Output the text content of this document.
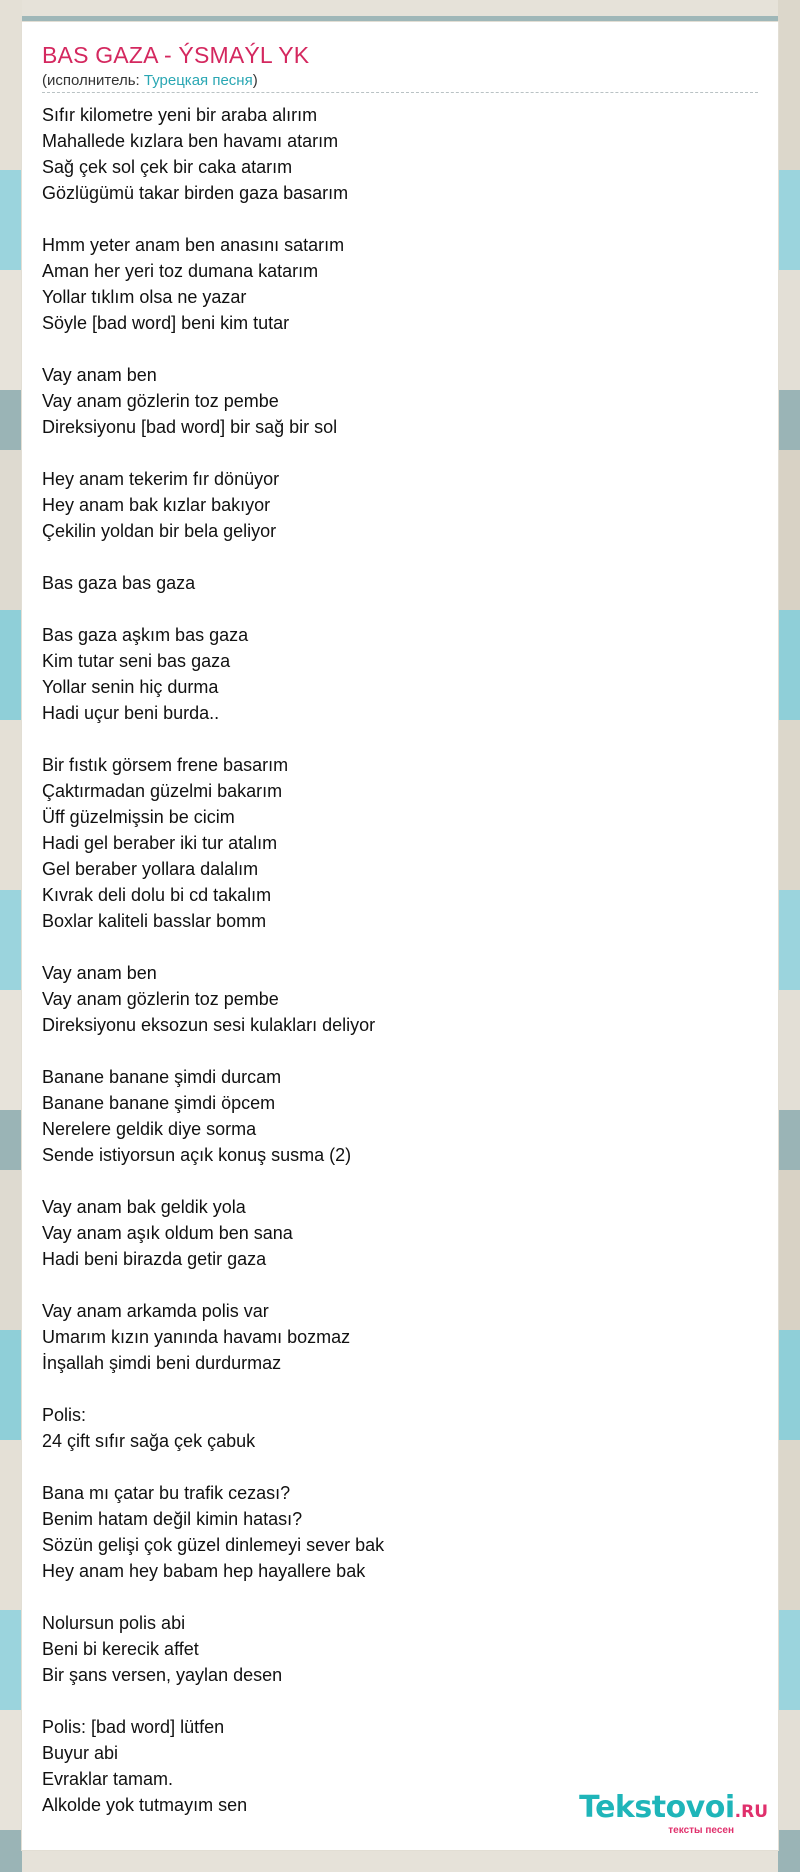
BAS GAZA - ÝSMAÝL YK
(исполнитель: Турецкая песня)
Sıfır kilometre yeni bir araba alırım
Mahallede kızlara ben havamı atarım
Sağ çek sol çek bir caka atarım
Gözlügümü takar birden gaza basarım
Hmm yeter anam ben anasını satarım
Aman her yeri toz dumana katarım
Yollar tıklım olsa ne yazar
Söyle [bad word] beni kim tutar
Vay anam ben
Vay anam gözlerin toz pembe
Direksiyonu [bad word] bir sağ bir sol
Hey anam tekerim fır dönüyor
Hey anam bak kızlar bakıyor
Çekilin yoldan bir bela geliyor
Bas gaza bas gaza
Bas gaza aşkım bas gaza
Kim tutar seni bas gaza
Yollar senin hiç durma
Hadi uçur beni burda..
Bir fıstık görsem frene basarım
Çaktırmadan güzelmi bakarım
Üff güzelmişsin be cicim
Hadi gel beraber iki tur atalım
Gel beraber yollara dalalım
Kıvrak deli dolu bi cd takalım
Boxlar kaliteli basslar bomm
Vay anam ben
Vay anam gözlerin toz pembe
Direksiyonu eksozun sesi kulakları deliyor
Banane banane şimdi durcam
Banane banane şimdi öpcem
Nerelere geldik diye sorma
Sende istiyorsun açık konuş susma (2)
Vay anam bak geldik yola
Vay anam aşık oldum ben sana
Hadi beni birazda getir gaza
Vay anam arkamda polis var
Umarım kızın yanında havamı bozmaz
İnşallah şimdi beni durdurmaz
Polis:
24 çift sıfır sağa çek çabuk
Bana mı çatar bu trafik cezası?
Benim hatam değil kimin hatası?
Sözün gelişi çok güzel dinlemeyi sever bak
Hey anam hey babam hep hayallere bak
Nolursun polis abi
Beni bi kerecik affet
Bir şans versen, yaylan desen
Polis: [bad word] lütfen
Buyur abi
Evraklar tamam.
Alkolde yok tutmayım sen	Tekstovoi.RU
тексты песен
